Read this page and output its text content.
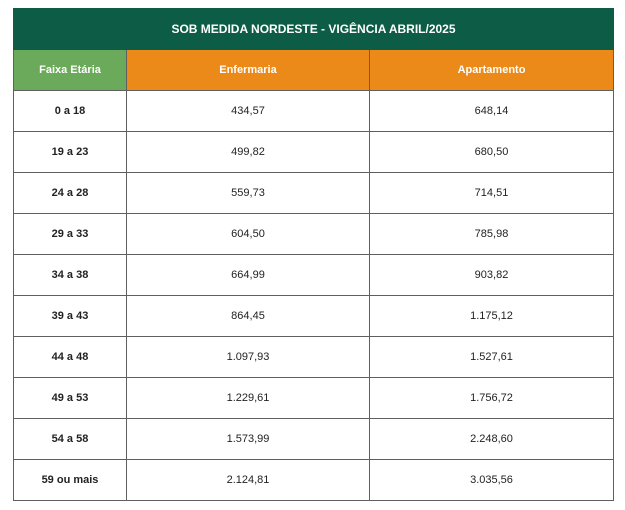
SOB MEDIDA NORDESTE - VIGÊNCIA ABRIL/2025		
Faixa Etária	Enfermaria	Apartamento
0 a 18	434,57	648,14
19 a 23	499,82	680,50
24 a 28	559,73	714,51
29 a 33	604,50	785,98
34 a 38	664,99	903,82
39 a 43	864,45	1.175,12
44 a 48	1.097,93	1.527,61
49 a 53	1.229,61	1.756,72
54 a 58	1.573,99	2.248,60
59 ou mais	2.124,81	3.035,56
